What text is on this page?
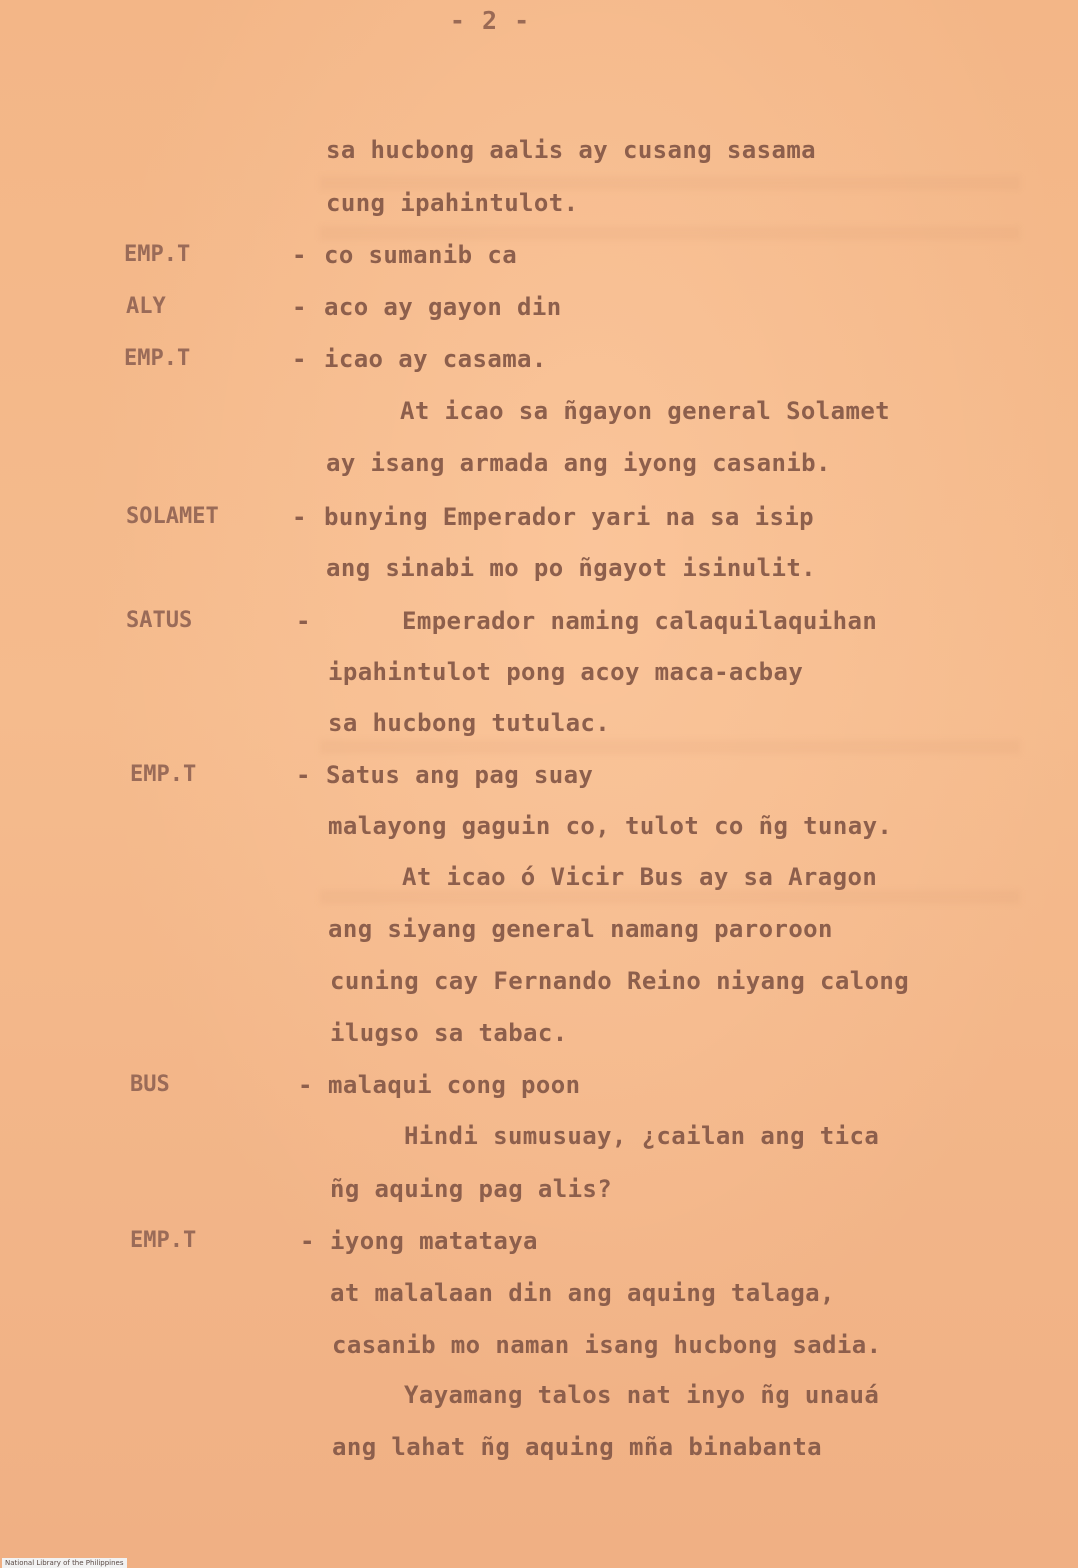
- 2 -
sa hucbong aalis ay cusang sasama
cung ipahintulot.
EMP.T	- co sumanib ca
ALY	- aco ay gayon din
EMP.T	- icao ay casama.
At icao sa ñgayon general Solamet
ay isang armada ang iyong casanib.
SOLAMET	- bunying Emperador yari na sa isip
ang sinabi mo po ñgayot isinulit.
SATUS	-	Emperador naming calaquilaquihan
ipahintulot pong acoy maca-acbay
sa hucbong tutulac.
EMP.T	- Satus ang pag suay
malayong gaguin co, tulot co ñg tunay.
At icao ó Vicir Bus ay sa Aragon
ang siyang general namang paroroon
cuning cay Fernando Reino niyang calong
ilugso sa tabac.
BUS	- malaqui cong poon
Hindi sumusuay, ¿cailan ang tica
ñg aquing pag alis?
EMP.T	- iyong matataya
at malalaan din ang aquing talaga,
casanib mo naman isang hucbong sadia.
Yayamang talos nat inyo ñg unauá
ang lahat ñg aquing mña binabanta
National Library of the Philippines
